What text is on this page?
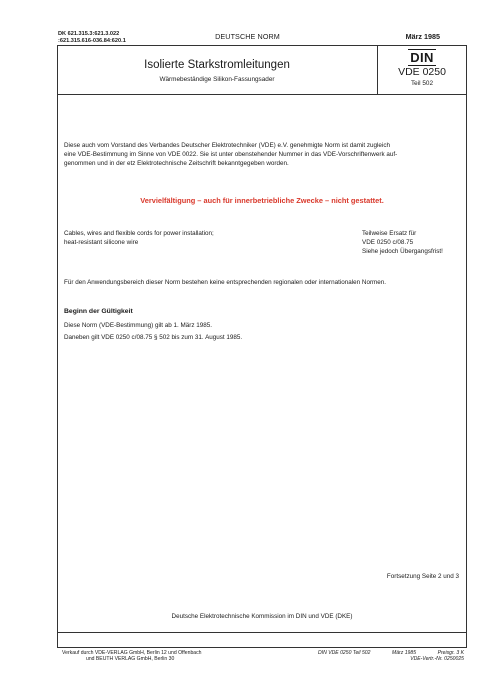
DK 621.315.3:621.3.022
:621.315.616-036.84:620.1	DEUTSCHE NORM	März 1985
Isolierte Starkstromleitungen
Wärmebeständige Silikon-Fassungsader
DIN
VDE 0250
Teil 502
Diese auch vom Vorstand des Verbandes Deutscher Elektrotechniker (VDE) e.V. genehmigte Norm ist damit zugleich
eine VDE-Bestimmung im Sinne von VDE 0022. Sie ist unter obenstehender Nummer in das VDE-Vorschriftenwerk auf-
genommen und in der etz Elektrotechnische Zeitschrift bekanntgegeben worden.
Vervielfältigung – auch für innerbetriebliche Zwecke – nicht gestattet.
Cables, wires and flexible cords for power installation;
heat-resistant silicone wire
Teilweise Ersatz für
VDE 0250 c/08.75
Siehe jedoch Übergangsfrist!
Für den Anwendungsbereich dieser Norm bestehen keine entsprechenden regionalen oder internationalen Normen.
Beginn der Gültigkeit
Diese Norm (VDE-Bestimmung) gilt ab 1. März 1985.
Daneben gilt VDE 0250 c/08.75 § 502 bis zum 31. August 1985.
Fortsetzung Seite 2 und 3
Deutsche Elektrotechnische Kommission im DIN und VDE (DKE)
Verkauf durch VDE-VERLAG GmbH, Berlin 12 und Offenbach
und BEUTH VERLAG GmbH, Berlin 30
DIN VDE 0250 Teil 502	März 1985	Preisgr. 3 K
VDE-Vertr.-Nr. 0250025
